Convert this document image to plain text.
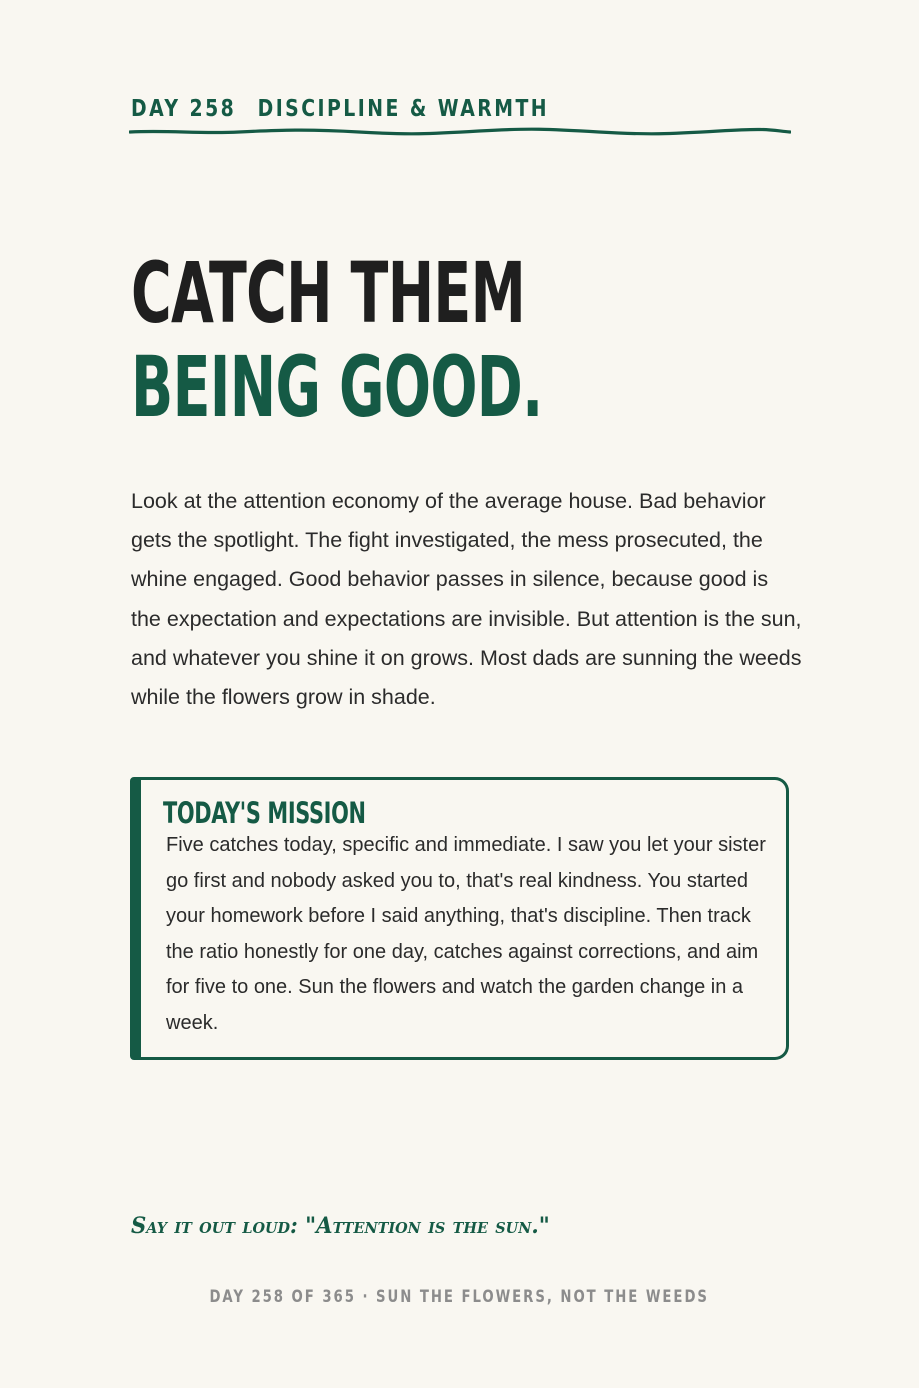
DAY 258 DISCIPLINE & WARMTH
CATCH THEM
BEING GOOD.

Look at the attention economy of the average house. Bad behavior gets the spotlight. The fight investigated, the mess prosecuted, the whine engaged. Good behavior passes in silence, because good is the expectation and expectations are invisible. But attention is the sun, and whatever you shine it on grows. Most dads are sunning the weeds while the flowers grow in shade.

TODAY'S MISSION

Five catches today, specific and immediate. I saw you let your sister go first and nobody asked you to, that's real kindness. You started your homework before I said anything, that's discipline. Then track the ratio honestly for one day, catches against corrections, and aim for five to one. Sun the flowers and watch the garden change in a week.

Say it out loud: "Attention is the sun."

DAY 258 OF 365 · SUN THE FLOWERS, NOT THE WEEDS
